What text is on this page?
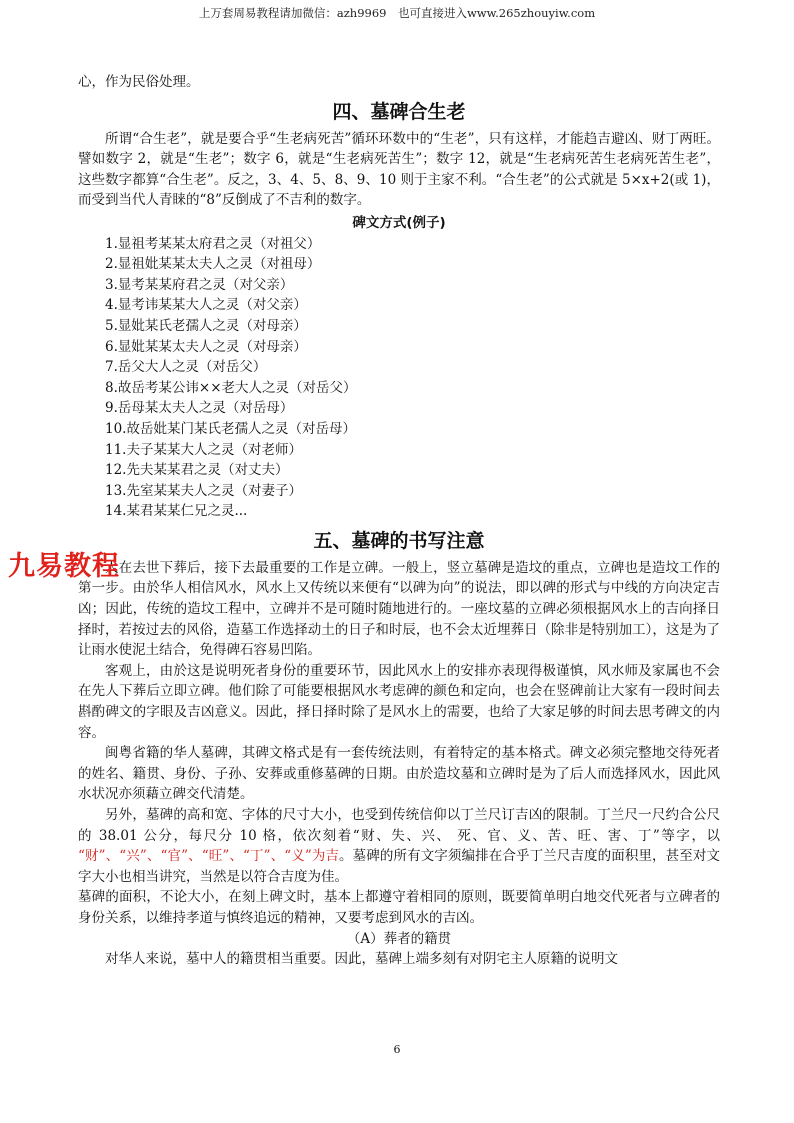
上万套周易教程请加微信：azh9969　也可直接进入www.265zhouyiw.com

心，作为民俗处理。

四、墓碑合生老

所谓“合生老”，就是要合乎“生老病死苦”循环环数中的“生老”，只有这样，才能趋吉避凶、财丁两旺。譬如数字 2，就是“生老”；数字 6，就是“生老病死苦生”；数字 12，就是“生老病死苦生老病死苦生老”，这些数字都算“合生老”。反之，3、4、5、8、9、10 则于主家不利。“合生老”的公式就是 5×x+2(或 1)，而受到当代人青睐的“8”反倒成了不吉利的数字。

碑文方式(例子)
1.显祖考某某太府君之灵（对祖父）
2.显祖妣某某太夫人之灵（对祖母）
3.显考某某府君之灵（对父亲）
4.显考讳某某大人之灵（对父亲）
5.显妣某氏老孺人之灵（对母亲）
6.显妣某某太夫人之灵（对母亲）
7.岳父大人之灵（对岳父）
8.故岳考某公讳××老大人之灵（对岳父）
9.岳母某太夫人之灵（对岳母）
10.故岳妣某门某氏老孺人之灵（对岳母）
11.夫子某某大人之灵（对老师）
12.先夫某某君之灵（对丈夫）
13.先室某某夫人之灵（对妻子）
14.某君某某仁兄之灵...
五、墓碑的书写注意

人在去世下葬后，接下去最重要的工作是立碑。一般上，竖立墓碑是造坟的重点，立碑也是造坟工作的第一步。由於华人相信风水，风水上又传统以来便有“以碑为向”的说法，即以碑的形式与中线的方向决定吉凶；因此，传统的造坟工程中，立碑并不是可随时随地进行的。一座坟墓的立碑必须根据风水上的吉向择日择时，若按过去的风俗，造墓工作选择动土的日子和时辰，也不会太近埋葬日（除非是特别加工），这是为了让雨水使泥土结合，免得碑石容易凹陷。

客观上，由於这是说明死者身份的重要环节，因此风水上的安排亦表现得极谨慎，风水师及家属也不会在先人下葬后立即立碑。他们除了可能要根据风水考虑碑的颜色和定向，也会在竖碑前让大家有一段时间去斟酌碑文的字眼及吉凶意义。因此，择日择时除了是风水上的需要，也给了大家足够的时间去思考碑文的内容。

闽粤省籍的华人墓碑，其碑文格式是有一套传统法则，有着特定的基本格式。碑文必须完整地交待死者的姓名、籍贯、身份、子孙、安葬或重修墓碑的日期。由於造坟墓和立碑时是为了后人而选择风水，因此风水状况亦须藉立碑交代清楚。

另外，墓碑的高和宽、字体的尺寸大小，也受到传统信仰以丁兰尺订吉凶的限制。丁兰尺一尺约合公尺的 38.01 公分，每尺分 10 格，依次刻着“财、失、兴、 死、官、义、苦、旺、害、丁”等字，以 “财”、“兴”、“官”、“旺”、“丁”、“义”为吉。墓碑的所有文字须编排在合乎丁兰尺吉度的面积里，甚至对文字大小也相当讲究，当然是以符合吉度为佳。

墓碑的面积，不论大小，在刻上碑文时，基本上都遵守着相同的原则，既要简单明白地交代死者与立碑者的身份关系，以维持孝道与慎终追远的精神，又要考虑到风水的吉凶。

（A）葬者的籍贯

对华人来说，墓中人的籍贯相当重要。因此，墓碑上端多刻有对阴宅主人原籍的说明文

九易教程
6
